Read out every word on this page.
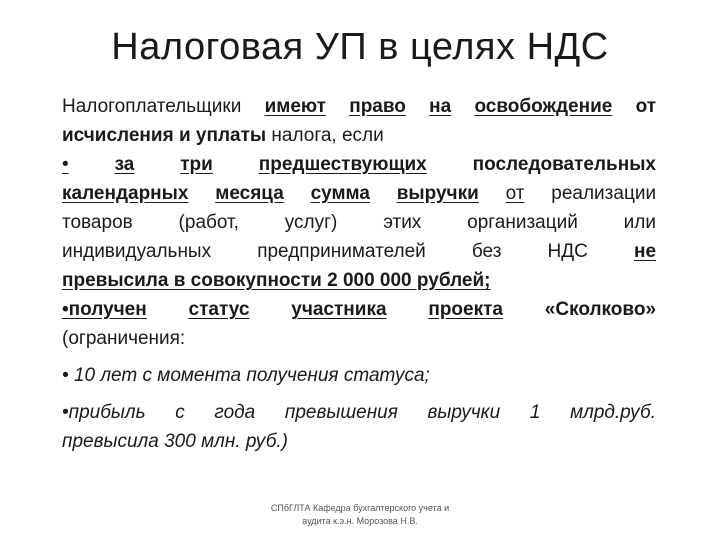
Налоговая УП в целях НДС

Налогоплательщики имеют право на освобождение от

исчисления и уплаты налога, если

• за три предшествующих последовательных

календарных месяца сумма выручки от реализации

товаров (работ, услуг) этих организаций или

индивидуальных предпринимателей без НДС не

превысила в совокупности 2 000 000 рублей;

•получен статус участника проекта «Сколково»

(ограничения:

• 10 лет с момента получения статуса;

•прибыль с года превышения выручки 1 млрд.руб.

превысила 300 млн. руб.)

СПбГЛТА Кафедра бухгалтерского учета и
аудита к.э.н. Морозова Н.В.
